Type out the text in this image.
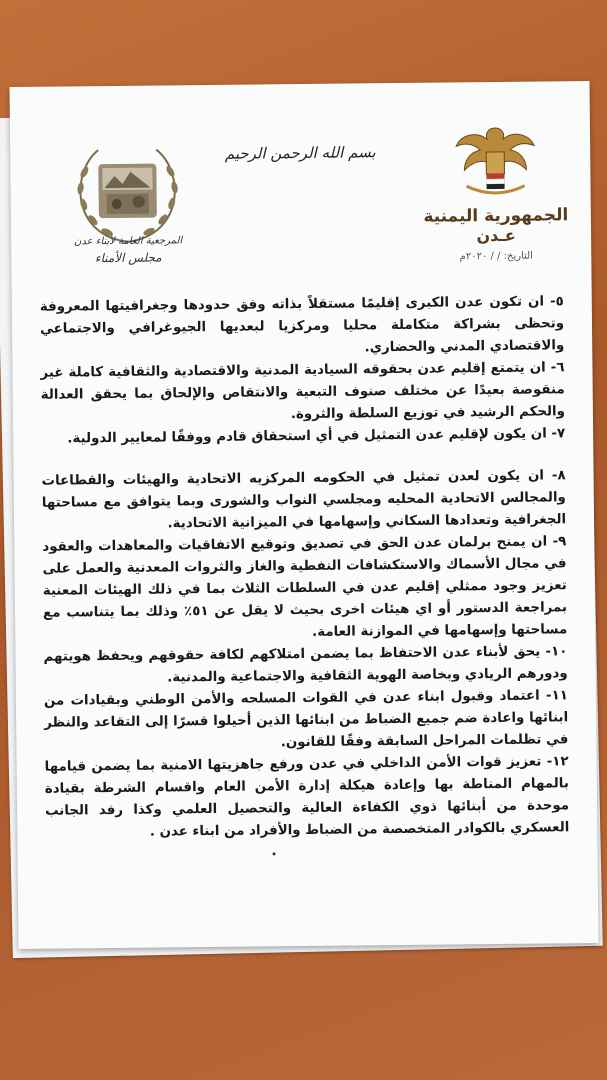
الجمهورية اليمنية
عـدن
التاريخ: / / ٢٠٢٠م
بسم الله الرحمن الرحيم
المرجعية العامة لأبناء عدن
مجلس الأمناء

٥- ان تكون عدن الكبرى إقليمًا مستقلاً بذاته وفق حدودها وجغرافيتها المعروفة وتحظى بشراكة متكاملة محليا ومركزيا لبعديها الجيوغرافي والاجتماعي والاقتصادي المدني والحضاري.

٦- ان يتمتع إقليم عدن بحقوقه السيادية المدنية والاقتصادية والثقافية كاملة غير منقوصة بعيدًا عن مختلف صنوف التبعية والانتقاص والإلحاق بما يحقق العدالة والحكم الرشيد في توزيع السلطة والثروة.

٧- ان يكون لإقليم عدن التمثيل في أي استحقاق قادم ووفقًا لمعايير الدولية.

٨- ان يكون لعدن تمثيل في الحكومه المركزيه الاتحادية والهيئات والقطاعات والمجالس الاتحادية المحليه ومجلسي النواب والشورى وبما يتوافق مع مساحتها الجغرافية وتعدادها السكاني وإسهامها في الميزانية الاتحادية.

٩- ان يمنح برلمان عدن الحق في تصديق وتوقيع الاتفاقيات والمعاهدات والعقود في مجال الأسماك والاستكشافات النفطية والغاز والثروات المعدنية والعمل على تعزيز وجود ممثلي إقليم عدن في السلطات الثلاث بما في ذلك الهيئات المعنية بمراجعة الدستور أو اي هيئات اخرى بحيث لا يقل عن ٥١٪ وذلك بما يتناسب مع مساحتها وإسهامها في الموازنة العامة.

١٠- يحق لأبناء عدن الاحتفاظ بما يضمن امتلاكهم لكافة حقوقهم ويحفظ هويتهم ودورهم الريادي وبخاصة الهوية الثقافية والاجتماعية والمدنية.

١١- اعتماد وقبول ابناء عدن في القوات المسلحه والأمن الوطني وبقيادات من ابنائها واعادة ضم جميع الضباط من ابنائها الذين أحيلوا قسرًا إلى التقاعد والنظر في تظلمات المراحل السابقة وفقًا للقانون.

١٢- تعزيز قوات الأمن الداخلي في عدن ورفع جاهزيتها الامنية بما يضمن قيامها بالمهام المناطة بها وإعادة هيكلة إدارة الأمن العام واقسام الشرطة بقيادة موحدة من أبنائها ذوي الكفاءة العالية والتحصيل العلمي وكذا رفد الجانب العسكري بالكوادر المتخصصة من الضباط والأفراد من ابناء عدن .
